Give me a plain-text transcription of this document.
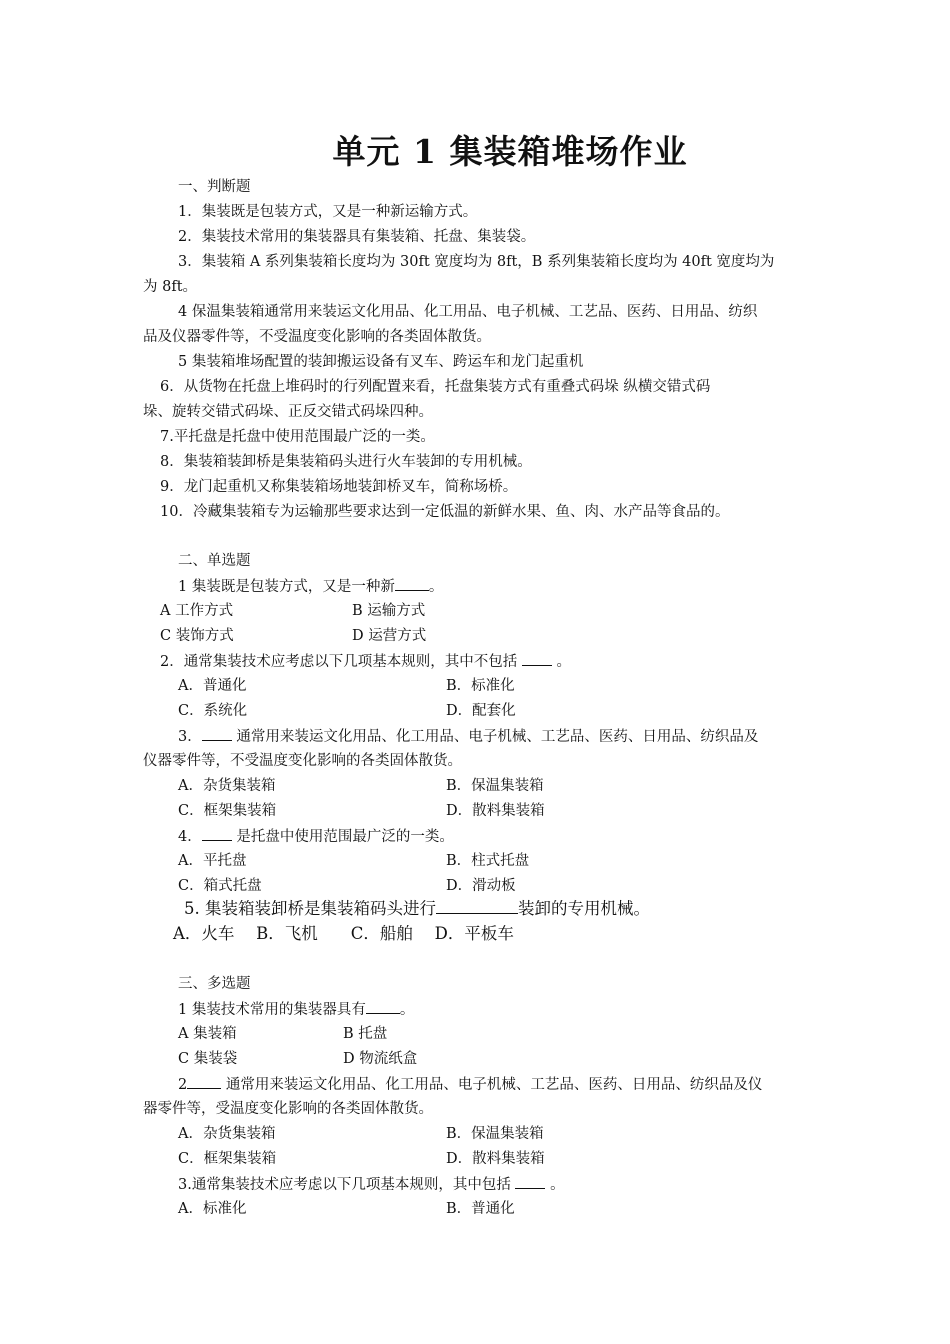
单元 1 集装箱堆场作业
一、判断题
1．集装既是包装方式，又是一种新运输方式。
2．集装技术常用的集装器具有集装箱、托盘、集装袋。
3．集装箱 A 系列集装箱长度均为 30ft 宽度均为 8ft，B 系列集装箱长度均为 40ft 宽度均为
为 8ft。
4 保温集装箱通常用来装运文化用品、化工用品、电子机械、工艺品、医药、日用品、纺织
品及仪器零件等，不受温度变化影响的各类固体散货。
5 集装箱堆场配置的装卸搬运设备有叉车、跨运车和龙门起重机
6．从货物在托盘上堆码时的行列配置来看，托盘集装方式有重叠式码垛 纵横交错式码
垛、旋转交错式码垛、正反交错式码垛四种。
7.平托盘是托盘中使用范围最广泛的一类。
8．集装箱装卸桥是集装箱码头进行火车装卸的专用机械。
9．龙门起重机又称集装箱场地装卸桥叉车，简称场桥。
10．冷藏集装箱专为运输那些要求达到一定低温的新鲜水果、鱼、肉、水产品等食品的。
二、单选题
1 集装既是包装方式，又是一种新 。
A 工作方式	B 运输方式
C 装饰方式	D 运营方式
2．通常集装技术应考虑以下几项基本规则，其中不包括	。
A．普通化	B．标准化
C．系统化	D．配套化
3． 通常用来装运文化用品、化工用品、电子机械、工艺品、医药、日用品、纺织品及
仪器零件等，不受温度变化影响的各类固体散货。
A．杂货集装箱	B．保温集装箱
C．框架集装箱	D．散料集装箱
4． 是托盘中使用范围最广泛的一类。
A．平托盘	B．柱式托盘
C．箱式托盘	D．滑动板
5. 集装箱装卸桥是集装箱码头进行	装卸的专用机械。
A．火车　 B．飞机　　C．船舶　 D．平板车
三、多选题
1 集装技术常用的集装器具有 。
A 集装箱	B 托盘
C 集装袋	D 物流纸盒
2	通常用来装运文化用品、化工用品、电子机械、工艺品、医药、日用品、纺织品及仪
器零件等，受温度变化影响的各类固体散货。
A．杂货集装箱	B．保温集装箱
C．框架集装箱	D．散料集装箱
3.通常集装技术应考虑以下几项基本规则，其中包括	。
A．标准化	B．普通化
